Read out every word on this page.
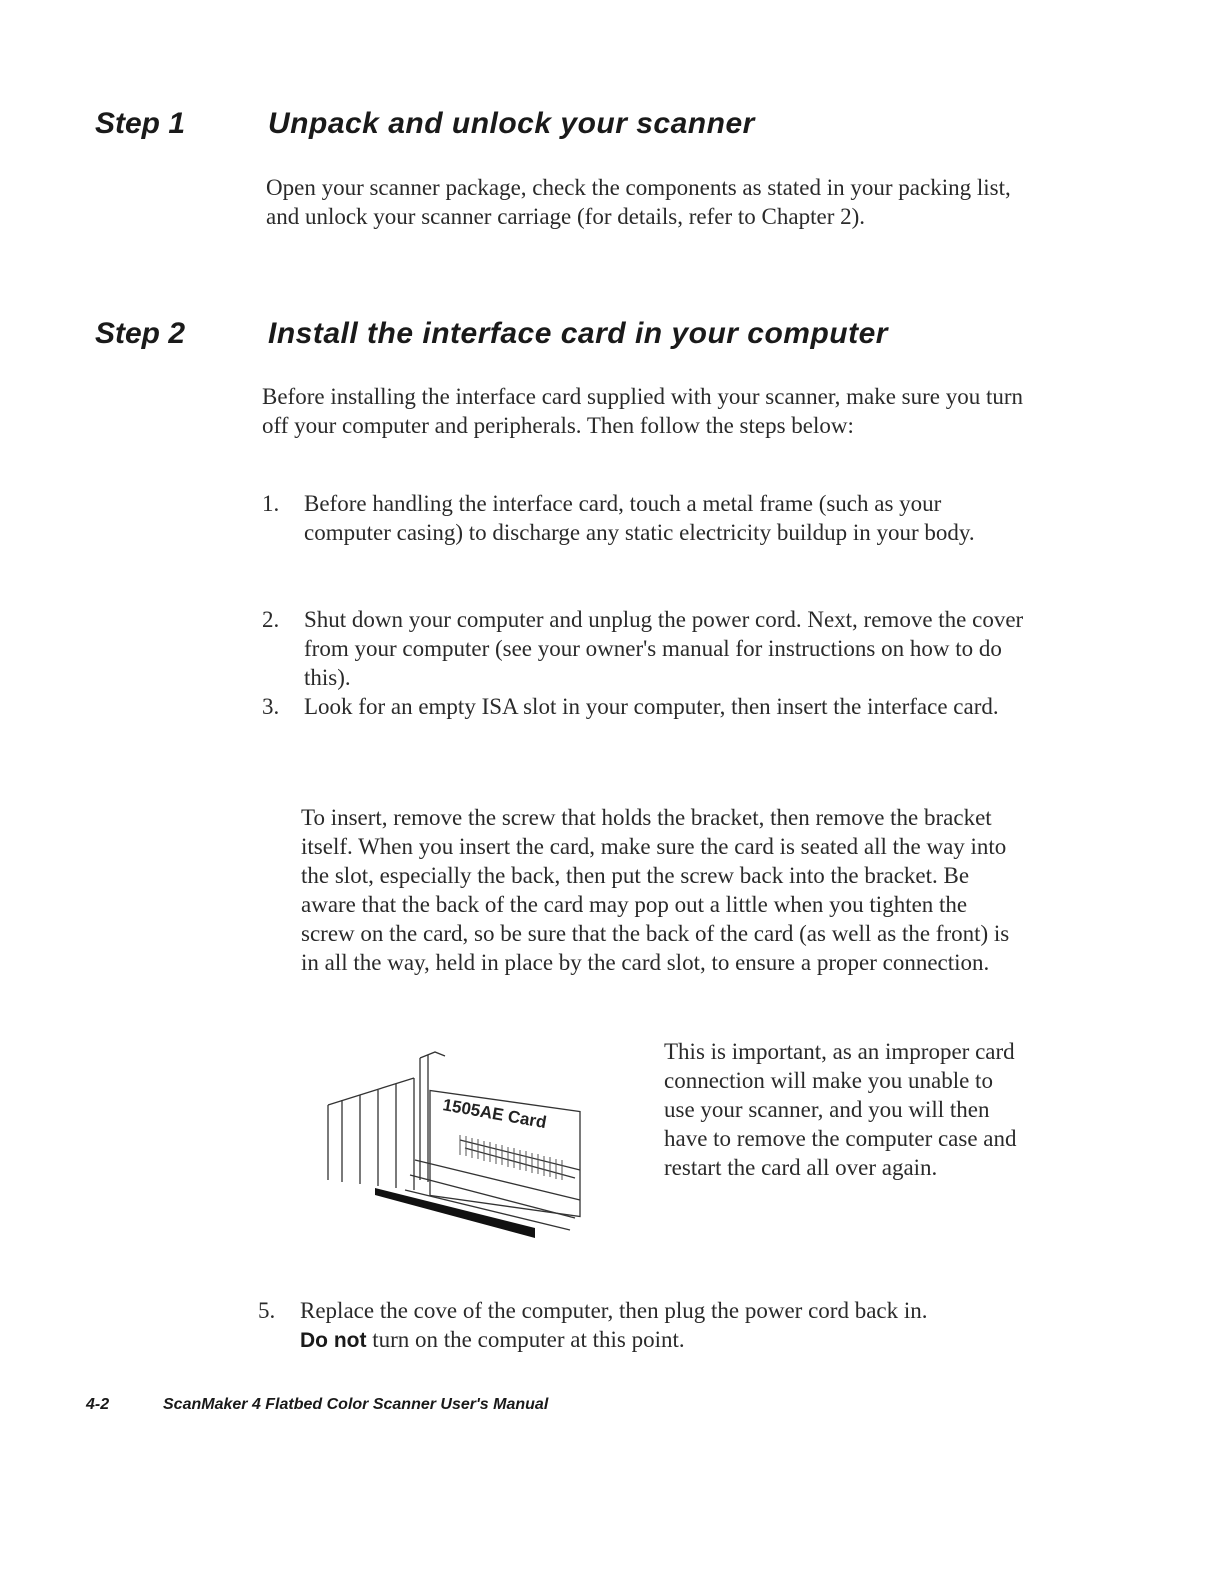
Step 1	Unpack and unlock your scanner

Open your scanner package, check the components as stated in your packing list, and unlock your scanner carriage (for details, refer to Chapter 2).

Step 2	Install the interface card in your computer

Before installing the interface card supplied with your scanner, make sure you turn off your computer and peripherals. Then follow the steps below:

1. Before handling the interface card, touch a metal frame (such as your computer casing) to discharge any static electricity buildup in your body.

2. Shut down your computer and unplug the power cord. Next, remove the cover from your computer (see your owner's manual for instructions on how to do this).

3. Look for an empty ISA slot in your computer, then insert the interface card.

To insert, remove the screw that holds the bracket, then remove the bracket itself. When you insert the card, make sure the card is seated all the way into the slot, especially the back, then put the screw back into the bracket. Be aware that the back of the card may pop out a little when you tighten the screw on the card, so be sure that the back of the card (as well as the front) is in all the way, held in place by the card slot, to ensure a proper connection.

1505AE Card

This is important, as an improper card connection will make you unable to use your scanner, and you will then have to remove the computer case and restart the card all over again.

5. Replace the cove of the computer, then plug the power cord back in.
Do not turn on the computer at this point.

4-2	ScanMaker 4 Flatbed Color Scanner User's Manual
